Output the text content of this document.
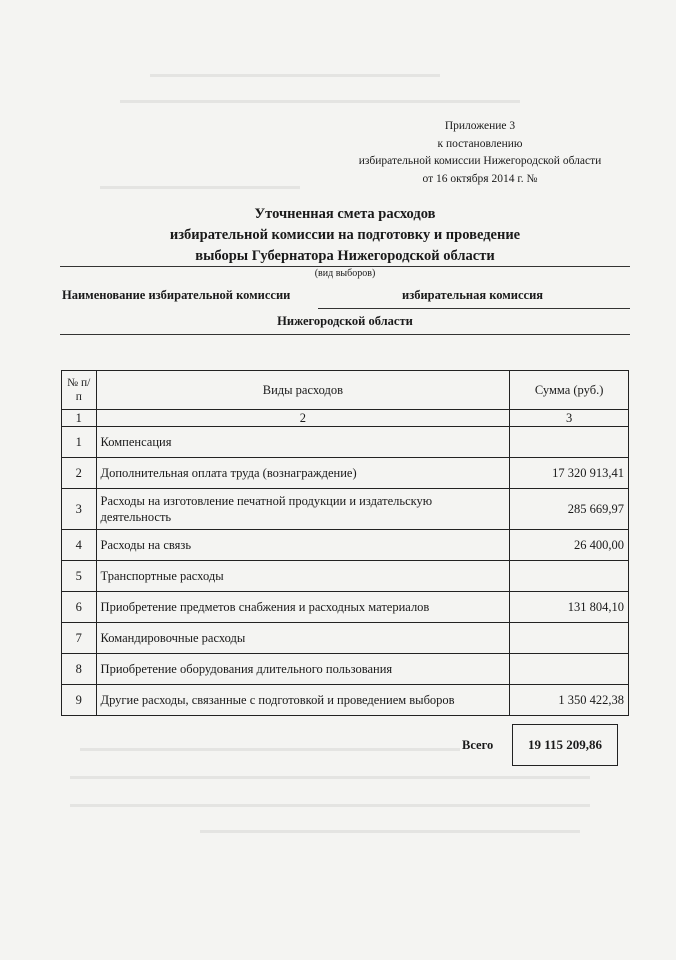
Приложение 3
к постановлению
избирательной комиссии Нижегородской области
от 16 октября 2014 г. №
Уточненная смета расходов
избирательной комиссии на подготовку и проведение
выборы Губернатора Нижегородской области
(вид выборов)
Наименование избирательной комиссии	избирательная комиссия
Нижегородской области
№ п/п	Виды расходов	Сумма (руб.)
1	2	3
1	Компенсация	
2	Дополнительная оплата труда (вознаграждение)	17 320 913,41
3	Расходы на изготовление печатной продукции и издательскую деятельность	285 669,97
4	Расходы на связь	26 400,00
5	Транспортные расходы	
6	Приобретение предметов снабжения и расходных материалов	131 804,10
7	Командировочные расходы	
8	Приобретение оборудования длительного пользования	
9	Другие расходы, связанные с подготовкой и проведением выборов	1 350 422,38
Всего	19 115 209,86
